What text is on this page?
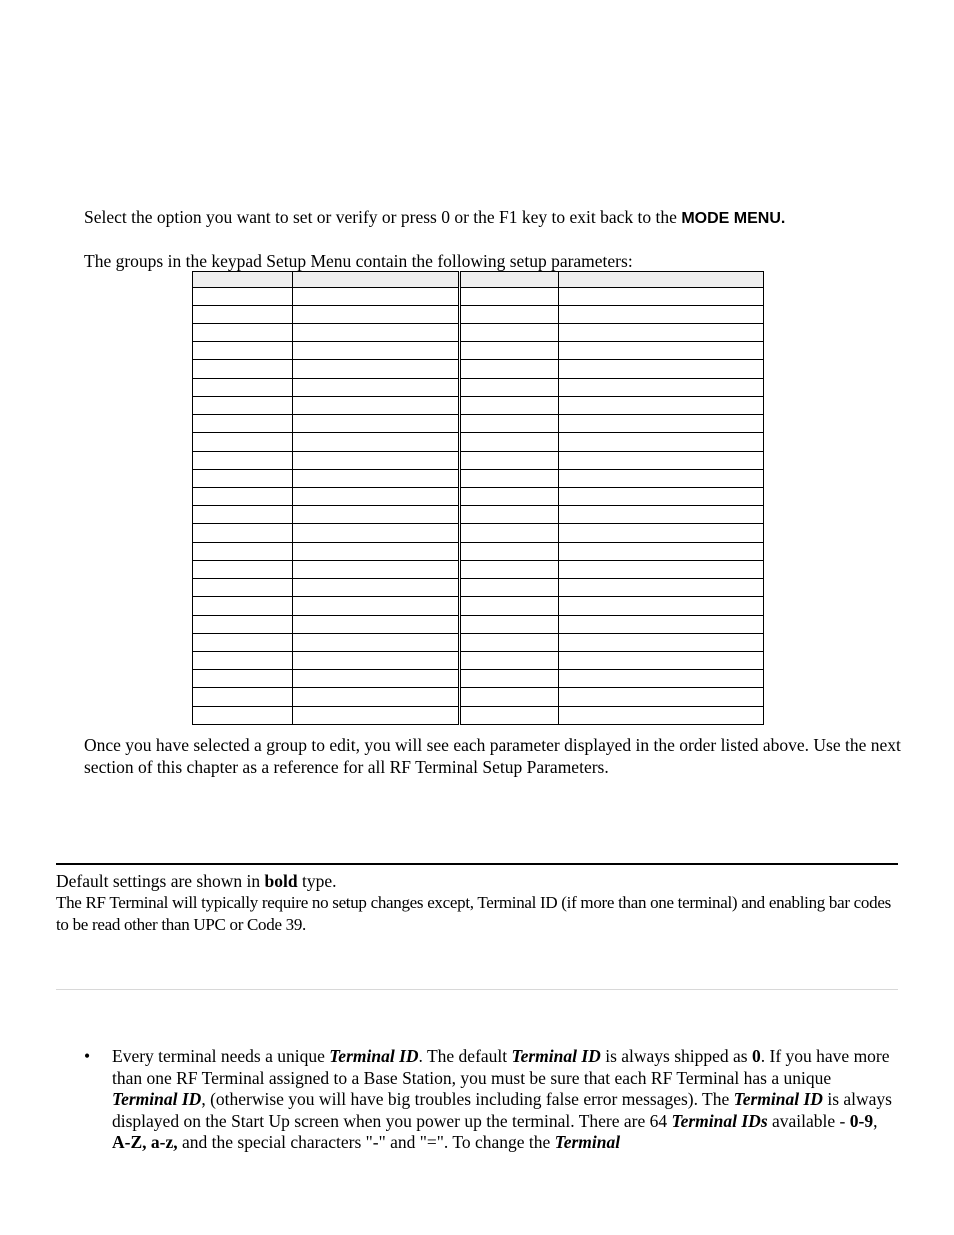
Select the option you want to set or verify or press 0 or the F1 key to exit back to the MODE MENU.

The groups in the keypad Setup Menu contain the following setup parameters:

Once you have selected a group to edit, you will see each parameter displayed in the order listed above. Use the next section of this chapter as a reference for all RF Terminal Setup Parameters.

Default settings are shown in bold type.

The RF Terminal will typically require no setup changes except, Terminal ID (if more than one terminal) and enabling bar codes to be read other than UPC or Code 39.

• Every terminal needs a unique Terminal ID. The default Terminal ID is always shipped as 0. If you have more than one RF Terminal assigned to a Base Station, you must be sure that each RF Terminal has a unique Terminal ID, (otherwise you will have big troubles including false error messages). The Terminal ID is always displayed on the Start Up screen when you power up the terminal. There are 64 Terminal IDs available - 0-9, A-Z, a-z, and the special characters "-" and "=". To change the Terminal
